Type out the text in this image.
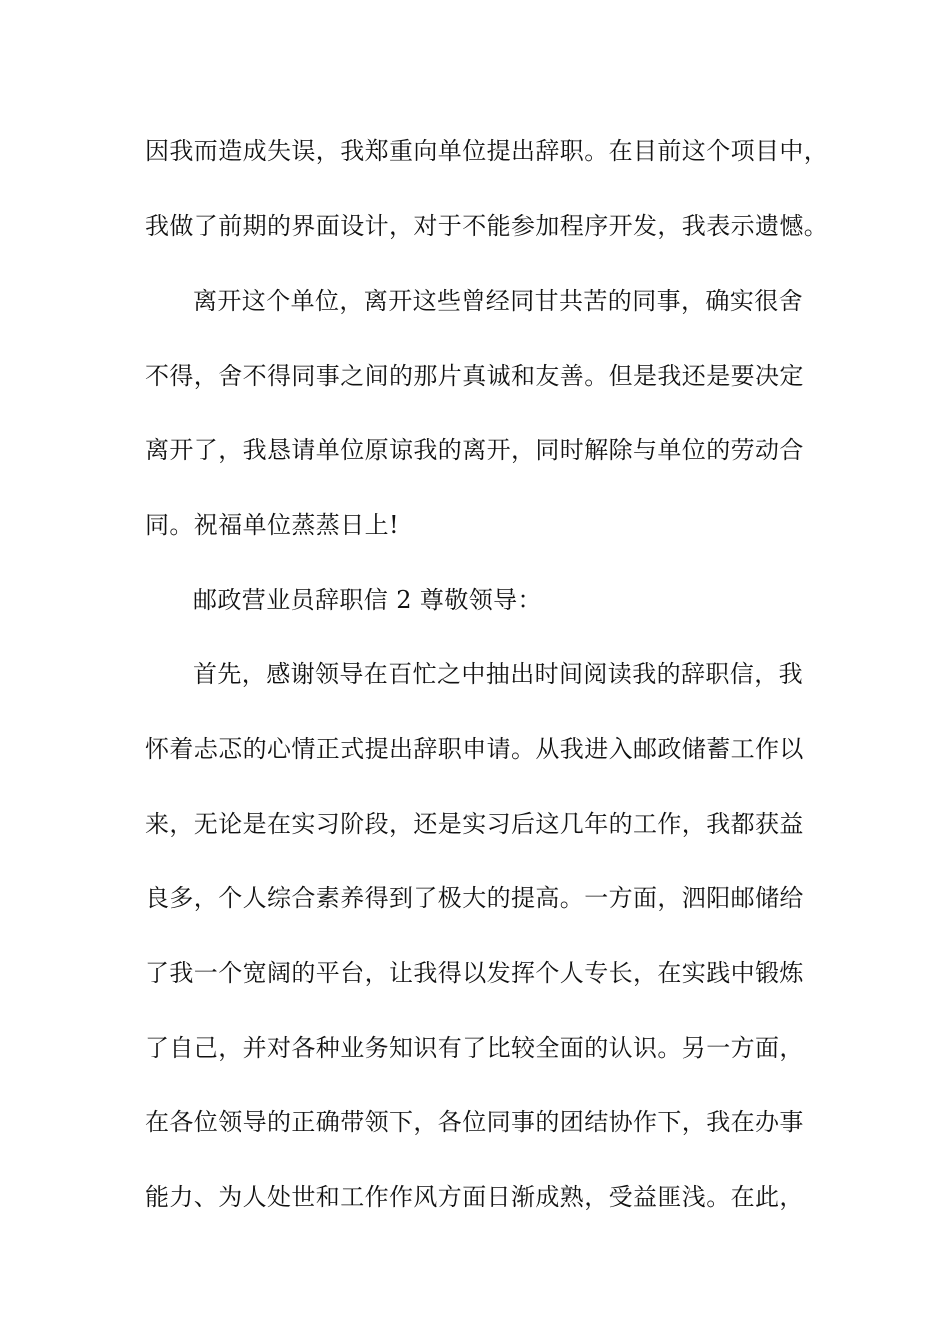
因我而造成失误，我郑重向单位提出辞职。在目前这个项目中，
我做了前期的界面设计，对于不能参加程序开发，我表示遗憾。
离开这个单位，离开这些曾经同甘共苦的同事，确实很舍
不得，舍不得同事之间的那片真诚和友善。但是我还是要决定
离开了，我恳请单位原谅我的离开，同时解除与单位的劳动合
同。祝福单位蒸蒸日上!
邮政营业员辞职信 2 尊敬领导：
首先，感谢领导在百忙之中抽出时间阅读我的辞职信，我
怀着忐忑的心情正式提出辞职申请。从我进入邮政储蓄工作以
来，无论是在实习阶段，还是实习后这几年的工作，我都获益
良多，个人综合素养得到了极大的提高。一方面，泗阳邮储给
了我一个宽阔的平台，让我得以发挥个人专长，在实践中锻炼
了自己，并对各种业务知识有了比较全面的认识。另一方面，
在各位领导的正确带领下，各位同事的团结协作下，我在办事
能力、为人处世和工作作风方面日渐成熟，受益匪浅。在此，
